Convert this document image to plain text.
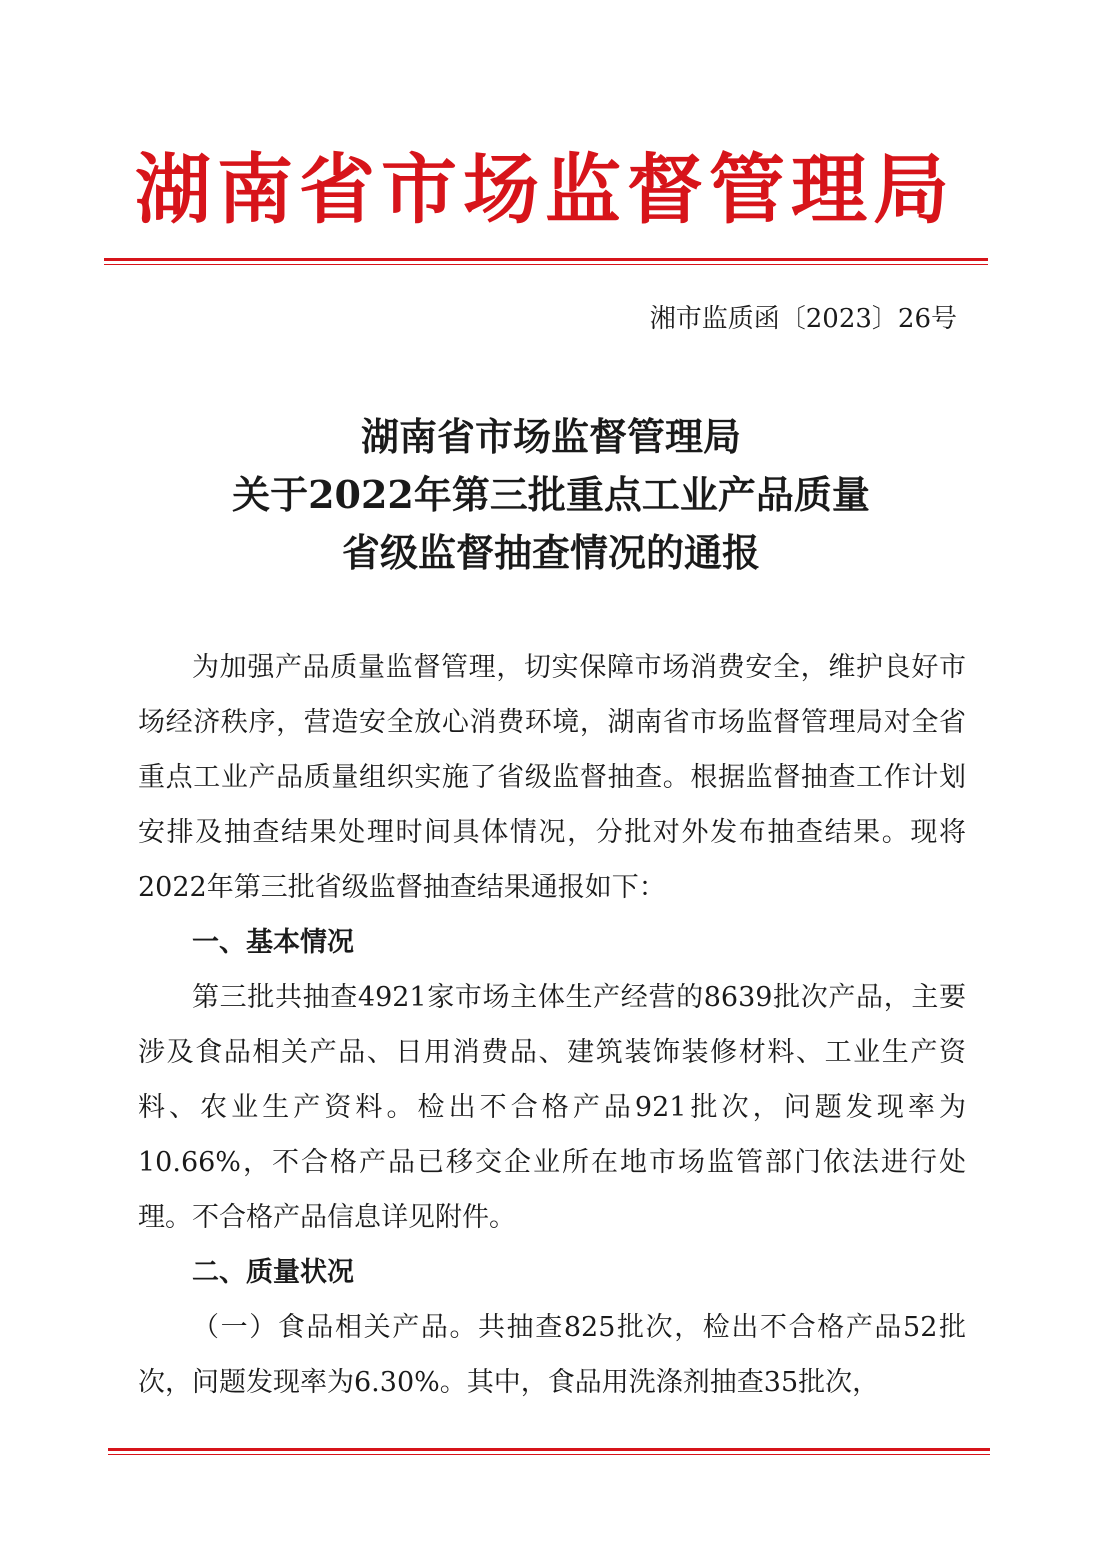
湖南省市场监督管理局
湘市监质函〔2023〕26号
湖南省市场监督管理局
关于2022年第三批重点工业产品质量
省级监督抽查情况的通报

为加强产品质量监督管理，切实保障市场消费安全，维护良好市场经济秩序，营造安全放心消费环境，湖南省市场监督管理局对全省重点工业产品质量组织实施了省级监督抽查。根据监督抽查工作计划安排及抽查结果处理时间具体情况，分批对外发布抽查结果。现将2022年第三批省级监督抽查结果通报如下：

一、基本情况

第三批共抽查4921家市场主体生产经营的8639批次产品，主要涉及食品相关产品、日用消费品、建筑装饰装修材料、工业生产资料、农业生产资料。检出不合格产品921批次，问题发现率为10.66%，不合格产品已移交企业所在地市场监管部门依法进行处理。不合格产品信息详见附件。

二、质量状况

（一）食品相关产品。共抽查825批次，检出不合格产品52批次，问题发现率为6.30%。其中，食品用洗涤剂抽查35批次，
